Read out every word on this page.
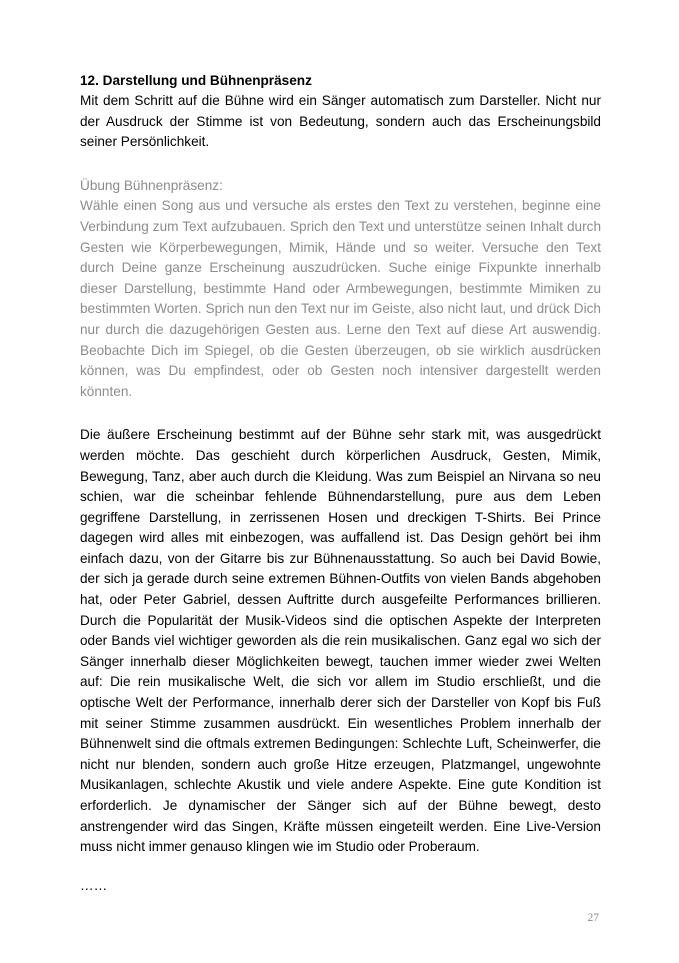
12. Darstellung und Bühnenpräsenz

Mit dem Schritt auf die Bühne wird ein Sänger automatisch zum Darsteller. Nicht nur der Ausdruck der Stimme ist von Bedeutung, sondern auch das Erscheinungsbild seiner Persönlichkeit.

Übung Bühnenpräsenz:

Wähle einen Song aus und versuche als erstes den Text zu verstehen, beginne eine Verbindung zum Text aufzubauen. Sprich den Text und unterstütze seinen Inhalt durch Gesten wie Körperbewegungen, Mimik, Hände und so weiter. Versuche den Text durch Deine ganze Erscheinung auszudrücken. Suche einige Fixpunkte innerhalb dieser Darstellung, bestimmte Hand oder Armbewegungen, bestimmte Mimiken zu bestimmten Worten. Sprich nun den Text nur im Geiste, also nicht laut, und drück Dich nur durch die dazugehörigen Gesten aus. Lerne den Text auf diese Art auswendig. Beobachte Dich im Spiegel, ob die Gesten überzeugen, ob sie wirklich ausdrücken können, was Du empfindest, oder ob Gesten noch intensiver dargestellt werden könnten.

Die äußere Erscheinung bestimmt auf der Bühne sehr stark mit, was ausgedrückt werden möchte. Das geschieht durch körperlichen Ausdruck, Gesten, Mimik, Bewegung, Tanz, aber auch durch die Kleidung. Was zum Beispiel an Nirvana so neu schien, war die scheinbar fehlende Bühnendarstellung, pure aus dem Leben gegriffene Darstellung, in zerrissenen Hosen und dreckigen T-Shirts. Bei Prince dagegen wird alles mit einbezogen, was auffallend ist. Das Design gehört bei ihm einfach dazu, von der Gitarre bis zur Bühnenausstattung. So auch bei David Bowie, der sich ja gerade durch seine extremen Bühnen-Outfits von vielen Bands abgehoben hat, oder Peter Gabriel, dessen Auftritte durch ausgefeilte Performances brillieren. Durch die Popularität der Musik-Videos sind die optischen Aspekte der Interpreten oder Bands viel wichtiger geworden als die rein musikalischen. Ganz egal wo sich der Sänger innerhalb dieser Möglichkeiten bewegt, tauchen immer wieder zwei Welten auf: Die rein musikalische Welt, die sich vor allem im Studio erschließt, und die optische Welt der Performance, innerhalb derer sich der Darsteller von Kopf bis Fuß mit seiner Stimme zusammen ausdrückt. Ein wesentliches Problem innerhalb der Bühnenwelt sind die oftmals extremen Bedingungen: Schlechte Luft, Scheinwerfer, die nicht nur blenden, sondern auch große Hitze erzeugen, Platzmangel, ungewohnte Musikanlagen, schlechte Akustik und viele andere Aspekte. Eine gute Kondition ist erforderlich. Je dynamischer der Sänger sich auf der Bühne bewegt, desto anstrengender wird das Singen, Kräfte müssen eingeteilt werden. Eine Live-Version muss nicht immer genauso klingen wie im Studio oder Proberaum.

……
27
